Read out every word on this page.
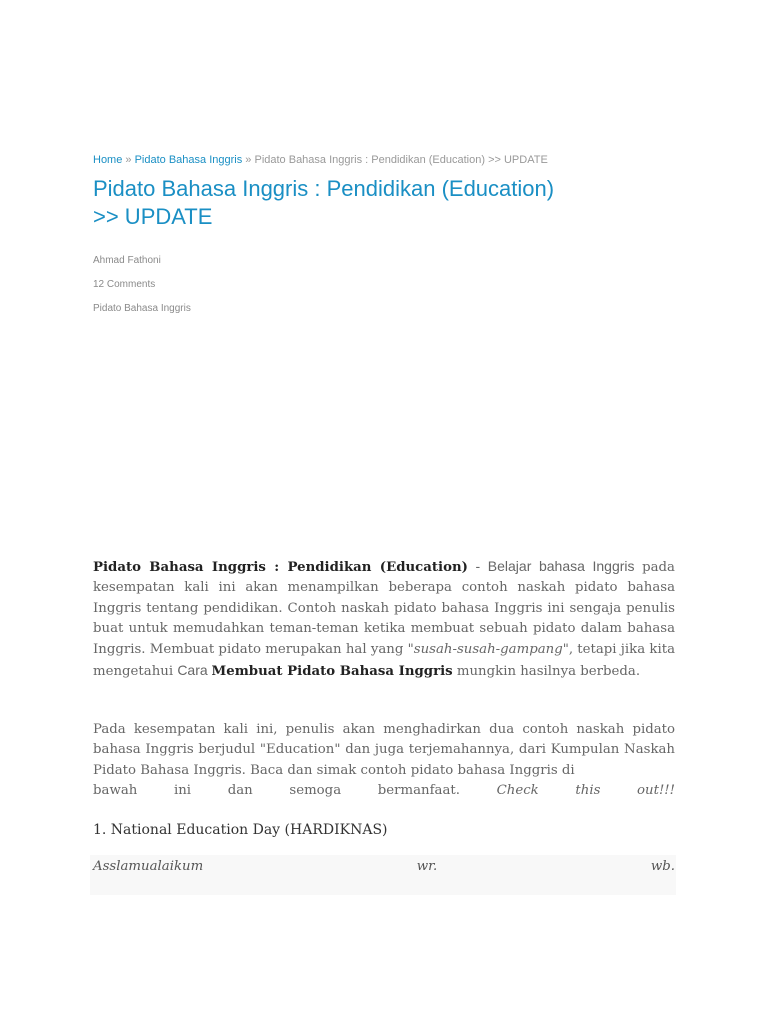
Home » Pidato Bahasa Inggris » Pidato Bahasa Inggris : Pendidikan (Education) >> UPDATE
Pidato Bahasa Inggris : Pendidikan (Education)
>> UPDATE
Ahmad Fathoni
12 Comments
Pidato Bahasa Inggris

Pidato Bahasa Inggris : Pendidikan (Education) - Belajar bahasa Inggris pada kesempatan kali ini akan menampilkan beberapa contoh naskah pidato bahasa Inggris tentang pendidikan. Contoh naskah pidato bahasa Inggris ini sengaja penulis buat untuk memudahkan teman-teman ketika membuat sebuah pidato dalam bahasa Inggris. Membuat pidato merupakan hal yang "susah-susah-gampang", tetapi jika kita mengetahui Cara Membuat Pidato Bahasa Inggris mungkin hasilnya berbeda.

Pada kesempatan kali ini, penulis akan menghadirkan dua contoh naskah pidato bahasa Inggris berjudul "Education" dan juga terjemahannya, dari Kumpulan Naskah Pidato Bahasa Inggris. Baca dan simak contoh pidato bahasa Inggris di
bawah	ini	dan	semoga	bermanfaat.	Check	this	out!!!
1. National Education Day (HARDIKNAS)
Asslamualaikum	wr.	wb.
